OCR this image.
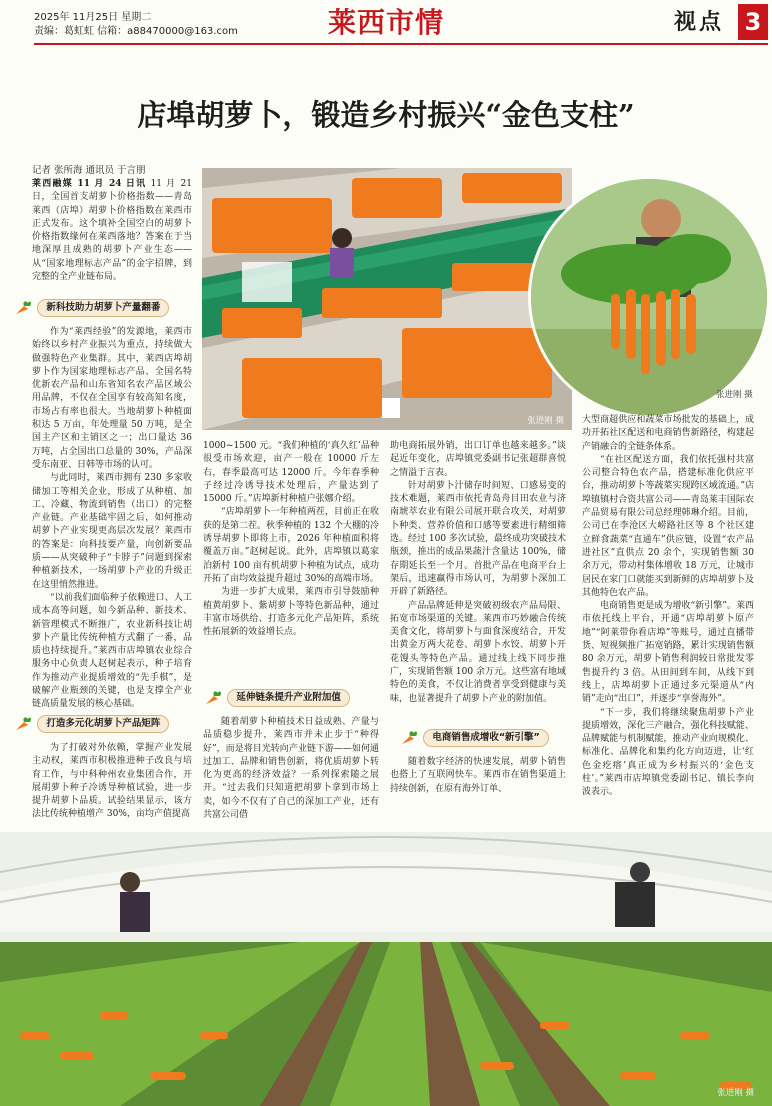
2025年 11月25日 星期二
责编：葛虹虹 信箱：a88470000@163.com	莱西市情	视点 3
店埠胡萝卜，锻造乡村振兴“金色支柱”
记者 张所海 通讯员 于言朋

莱西融媒 11 月 24 日讯 11 月 21 日，全国首支胡萝卜价格指数——青岛莱西（店埠）胡萝卜价格指数在莱西市正式发布。这个填补全国空白的胡萝卜价格指数缘何在莱西落地？答案在于当地深厚且成熟的胡萝卜产业生态——从“国家地理标志产品”的金字招牌，到完整的全产业链布局。

新科技助力胡萝卜产量翻番

作为“莱西经验”的发源地，莱西市始终以乡村产业振兴为重点，持续做大做强特色产业集群。其中，莱西店埠胡萝卜作为国家地理标志产品、全国名特优新农产品和山东省知名农产品区域公用品牌，不仅在全国享有较高知名度，市场占有率也很大。当地胡萝卜种植面积达 5 万亩，年处理量 50 万吨，是全国主产区和主销区之一；出口量达 36 万吨，占全国出口总量的 30%，产品深受东南亚、日韩等市场的认可。

与此同时，莱西市拥有 230 多家收储加工等相关企业，形成了从种植、加工、冷藏、物流到销售（出口）的完整产业链。产业基础牢固之后，如何推动胡萝卜产业实现更高层次发展？莱西市的答案是：向科技要产量，向创新要品质——从突破种子“卡脖子”问题到探索种植新技术，一场胡萝卜产业的升级正在这里悄然推进。

“以前我们面临种子依赖进口、人工成本高等问题，如今新品种、新技术、新管理模式不断推广，农业新科技让胡萝卜产量比传统种植方式翻了一番，品质也持续提升。”莱西市店埠镇农业综合服务中心负责人赵树起表示，种子培育作为推动产业提质增效的“先手棋”，是破解产业瓶颈的关键，也是支撑全产业链高质量发展的核心基础。

打造多元化胡萝卜产品矩阵

为了打破对外依赖，掌握产业发展主动权，莱西市积极推进种子改良与培育工作，与中科种州农业集团合作，开展胡萝卜种子冷诱导种植试验，进一步提升胡萝卜品质。试验结果显示，该方法比传统种植增产 30%，亩均产值提高

张进刚 摄
张进刚 摄

1000~1500 元。“我们种植的‘真久红’品种很受市场欢迎，亩产一般在 10000 斤左右，春季最高可达 12000 斤。今年春季种子经过冷诱导技术处理后，产量达到了 15000 斤。”店埠新村种植户张娜介绍。

“店埠胡萝卜一年种植两茬，目前正在收获的是第二茬。秋季种植的 132 个大棚的冷诱导胡萝卜即将上市，2026 年种植面积将覆盖万亩。”赵树起说。此外，店埠镇以葛家泊新村 100 亩有机胡萝卜种植为试点，成功开拓了亩均效益提升超过 30%的高端市场。

为进一步扩大成果，莱西市引导鼓励种植黄胡萝卜、紫胡萝卜等特色新品种，通过丰富市场供给、打造多元化产品矩阵，系统性拓展新的效益增长点。

延伸链条提升产业附加值

随着胡萝卜种植技术日益成熟、产量与品质稳步提升，莱西市并未止步于“种得好”，而是将目光转向产业链下游——如何通过加工、品牌和销售创新，将优质胡萝卜转化为更高的经济效益？一系列探索随之展开。“过去我们只知道把胡萝卜拿到市场上卖，如今不仅有了自己的深加工产业，还有共富公司借

助电商拓展外销，出口订单也越来越多。”谈起近年变化，店埠镇党委副书记张超群喜悦之情溢于言表。

针对胡萝卜汁储存时间短、口感易变的技术难题，莱西市依托青岛舟目田农业与济南琥萃农业有限公司展开联合攻关，对胡萝卜种类、营养价值和口感等要素进行精细筛选。经过 100 多次试验，最终成功突破技术瓶颈，推出的成品果蔬汁含量达 100%，储存期延长至一个月。首批产品在电商平台上架后，迅速赢得市场认可，为胡萝卜深加工开辟了新路径。

产品品牌延伸是突破初级农产品局限、拓宽市场渠道的关键。莱西市巧妙融合传统美食文化，将胡萝卜与面食深度结合，开发出黄金万两大花卷、胡萝卜水饺、胡萝卜开花馒头等特色产品。通过线上线下同步推广，实现销售额 100 余万元。这些富有地域特色的美食，不仅让消费者享受到健康与美味，也显著提升了胡萝卜产业的附加值。

电商销售成增收“新引擎”

随着数字经济的快速发展，胡萝卜销售也搭上了互联网快车。莱西市在销售渠道上持续创新，在原有海外订单、

大型商超供应和蔬菜市场批发的基础上，成功开拓社区配送和电商销售新路径，构建起产销融合的全链条体系。

“在社区配送方面，我们依托强村共富公司整合特色农产品，搭建标准化供应平台，推动胡萝卜等蔬菜实现跨区域流通。”店埠镇镇村合资共富公司——青岛莱丰国际农产品贸易有限公司总经理韩琳介绍。目前，公司已在李沧区大崂路社区等 8 个社区建立鲜食蔬菜“直通车”供应链，设置“农产品进社区”直供点 20 余个，实现销售额 30 余万元，带动村集体增收 18 万元，让城市居民在家门口就能买到新鲜的店埠胡萝卜及其他特色农产品。

电商销售更是成为增收“新引擎”。莱西市依托线上平台，开通“店埠胡萝卜原产地”“阿莱带你看店埠”等账号，通过直播带货、短视频推广拓宽销路，累计实现销售额 80 余万元，胡萝卜销售利润较日常批发零售提升约 3 倍。从田间到车间，从线下到线上，店埠胡萝卜正通过多元渠道从“内销”走向“出口”，并逐步“享誉海外”。

“下一步，我们将继续聚焦胡萝卜产业提质增效，深化三产融合，强化科技赋能、品牌赋能与机制赋能，推动产业向规模化、标准化、品牌化和集约化方向迈进，让‘红色金疙瘩’真正成为乡村振兴的‘金色支柱’。”莱西市店埠镇党委副书记、镇长李向波表示。

张进刚 摄
